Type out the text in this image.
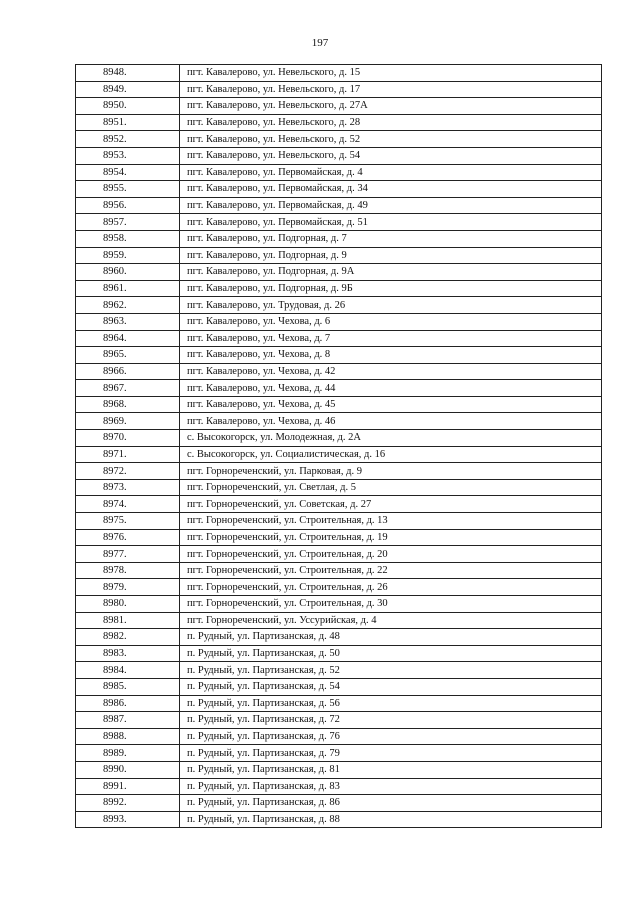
197
8948.	пгт. Кавалерово, ул. Невельского, д. 15
8949.	пгт. Кавалерово, ул. Невельского, д. 17
8950.	пгт. Кавалерово, ул. Невельского, д. 27А
8951.	пгт. Кавалерово, ул. Невельского, д. 28
8952.	пгт. Кавалерово, ул. Невельского, д. 52
8953.	пгт. Кавалерово, ул. Невельского, д. 54
8954.	пгт. Кавалерово, ул. Первомайская, д. 4
8955.	пгт. Кавалерово, ул. Первомайская, д. 34
8956.	пгт. Кавалерово, ул. Первомайская, д. 49
8957.	пгт. Кавалерово, ул. Первомайская, д. 51
8958.	пгт. Кавалерово, ул. Подгорная, д. 7
8959.	пгт. Кавалерово, ул. Подгорная, д. 9
8960.	пгт. Кавалерово, ул. Подгорная, д. 9А
8961.	пгт. Кавалерово, ул. Подгорная, д. 9Б
8962.	пгт. Кавалерово, ул. Трудовая, д. 26
8963.	пгт. Кавалерово, ул. Чехова, д. 6
8964.	пгт. Кавалерово, ул. Чехова, д. 7
8965.	пгт. Кавалерово, ул. Чехова, д. 8
8966.	пгт. Кавалерово, ул. Чехова, д. 42
8967.	пгт. Кавалерово, ул. Чехова, д. 44
8968.	пгт. Кавалерово, ул. Чехова, д. 45
8969.	пгт. Кавалерово, ул. Чехова, д. 46
8970.	с. Высокогорск, ул. Молодежная, д. 2А
8971.	с. Высокогорск, ул. Социалистическая, д. 16
8972.	пгт. Горнореченский, ул. Парковая, д. 9
8973.	пгт. Горнореченский, ул. Светлая, д. 5
8974.	пгт. Горнореченский, ул. Советская, д. 27
8975.	пгт. Горнореченский, ул. Строительная, д. 13
8976.	пгт. Горнореченский, ул. Строительная, д. 19
8977.	пгт. Горнореченский, ул. Строительная, д. 20
8978.	пгт. Горнореченский, ул. Строительная, д. 22
8979.	пгт. Горнореченский, ул. Строительная, д. 26
8980.	пгт. Горнореченский, ул. Строительная, д. 30
8981.	пгт. Горнореченский, ул. Уссурийская, д. 4
8982.	п. Рудный, ул. Партизанская, д. 48
8983.	п. Рудный, ул. Партизанская, д. 50
8984.	п. Рудный, ул. Партизанская, д. 52
8985.	п. Рудный, ул. Партизанская, д. 54
8986.	п. Рудный, ул. Партизанская, д. 56
8987.	п. Рудный, ул. Партизанская, д. 72
8988.	п. Рудный, ул. Партизанская, д. 76
8989.	п. Рудный, ул. Партизанская, д. 79
8990.	п. Рудный, ул. Партизанская, д. 81
8991.	п. Рудный, ул. Партизанская, д. 83
8992.	п. Рудный, ул. Партизанская, д. 86
8993.	п. Рудный, ул. Партизанская, д. 88
